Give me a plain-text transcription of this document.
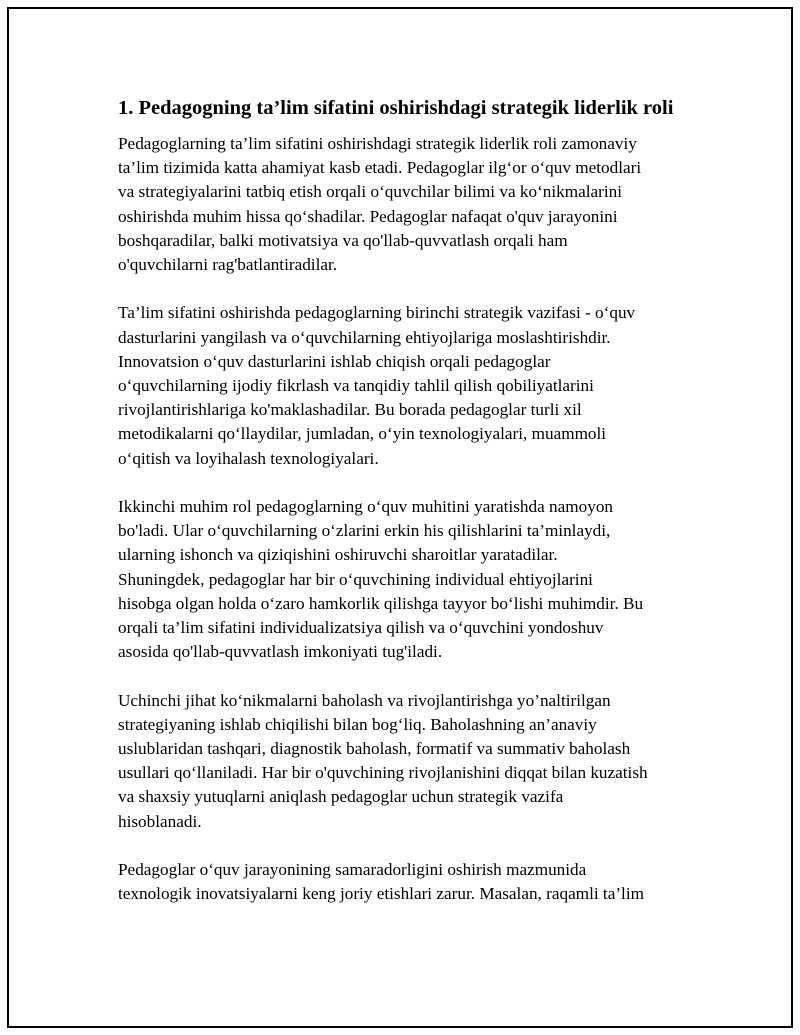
1. Pedagogning ta’lim sifatini oshirishdagi strategik liderlik roli

Pedagoglarning ta’lim sifatini oshirishdagi strategik liderlik roli zamonaviy
ta’lim tizimida katta ahamiyat kasb etadi. Pedagoglar ilg‘or o‘quv metodlari
va strategiyalarini tatbiq etish orqali o‘quvchilar bilimi va ko‘nikmalarini
oshirishda muhim hissa qo‘shadilar. Pedagoglar nafaqat o'quv jarayonini
boshqaradilar, balki motivatsiya va qo'llab-quvvatlash orqali ham
o'quvchilarni rag'batlantiradilar.

Ta’lim sifatini oshirishda pedagoglarning birinchi strategik vazifasi - o‘quv
dasturlarini yangilash va o‘quvchilarning ehtiyojlariga moslashtirishdir.
Innovatsion o‘quv dasturlarini ishlab chiqish orqali pedagoglar
o‘quvchilarning ijodiy fikrlash va tanqidiy tahlil qilish qobiliyatlarini
rivojlantirishlariga ko'maklashadilar. Bu borada pedagoglar turli xil
metodikalarni qo‘llaydilar, jumladan, o‘yin texnologiyalari, muammoli
o‘qitish va loyihalash texnologiyalari.

Ikkinchi muhim rol pedagoglarning o‘quv muhitini yaratishda namoyon
bo'ladi. Ular o‘quvchilarning o‘zlarini erkin his qilishlarini ta’minlaydi,
ularning ishonch va qiziqishini oshiruvchi sharoitlar yaratadilar.
Shuningdek, pedagoglar har bir o‘quvchining individual ehtiyojlarini
hisobga olgan holda o‘zaro hamkorlik qilishga tayyor bo‘lishi muhimdir. Bu
orqali ta’lim sifatini individualizatsiya qilish va o‘quvchini yondoshuv
asosida qo'llab-quvvatlash imkoniyati tug'iladi.

Uchinchi jihat ko‘nikmalarni baholash va rivojlantirishga yo’naltirilgan
strategiyaning ishlab chiqilishi bilan bog‘liq. Baholashning an’anaviy
uslublaridan tashqari, diagnostik baholash, formatif va summativ baholash
usullari qo‘llaniladi. Har bir o'quvchining rivojlanishini diqqat bilan kuzatish
va shaxsiy yutuqlarni aniqlash pedagoglar uchun strategik vazifa
hisoblanadi.

Pedagoglar o‘quv jarayonining samaradorligini oshirish mazmunida
texnologik inovatsiyalarni keng joriy etishlari zarur. Masalan, raqamli ta’lim
